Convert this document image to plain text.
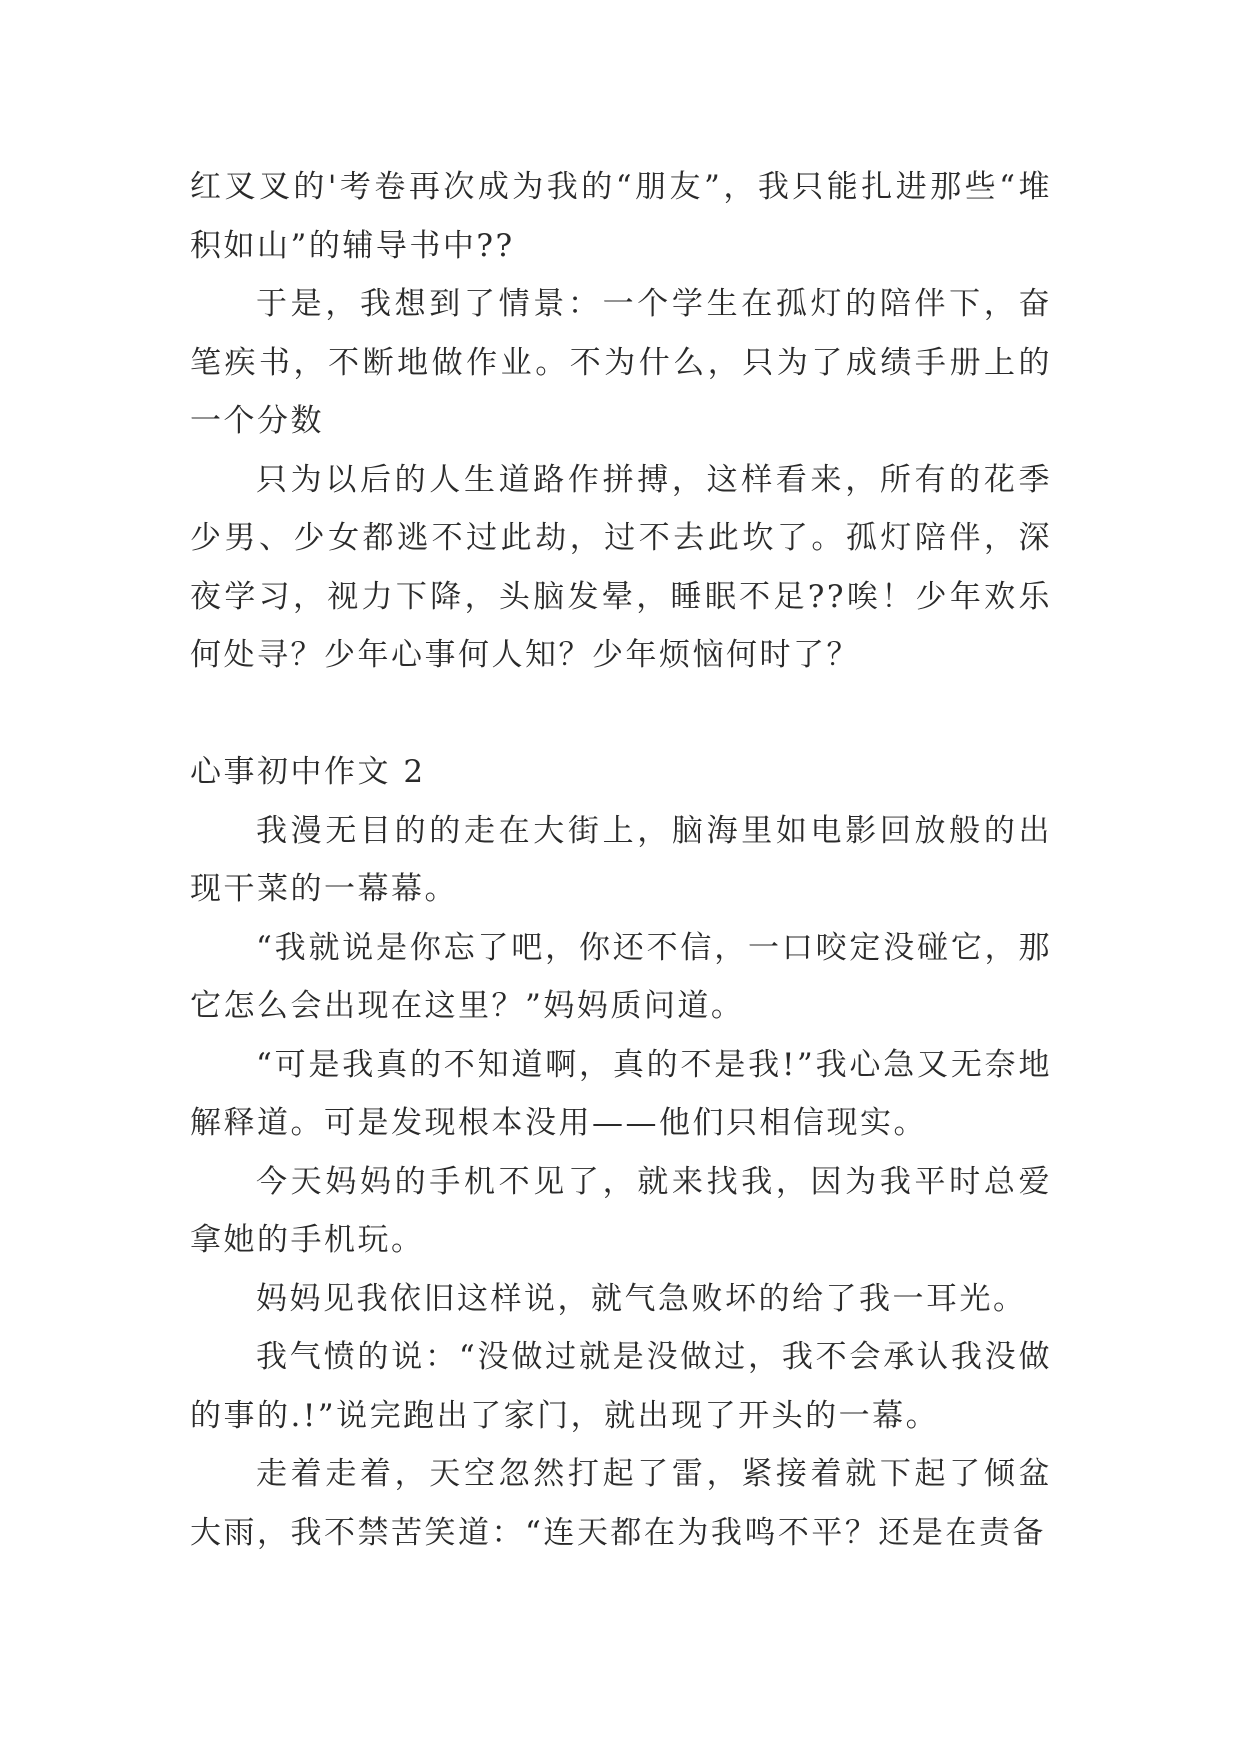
红叉叉的'考卷再次成为我的“朋友”，我只能扎进那些“堆积如山”的辅导书中??

于是，我想到了情景：一个学生在孤灯的陪伴下，奋笔疾书，不断地做作业。不为什么，只为了成绩手册上的一个分数

只为以后的人生道路作拼搏，这样看来，所有的花季少男、少女都逃不过此劫，过不去此坎了。孤灯陪伴，深夜学习，视力下降，头脑发晕，睡眠不足??唉！少年欢乐何处寻？少年心事何人知？少年烦恼何时了？

心事初中作文 2

我漫无目的的走在大街上，脑海里如电影回放般的出现干菜的一幕幕。

“我就说是你忘了吧，你还不信，一口咬定没碰它，那它怎么会出现在这里？”妈妈质问道。

“可是我真的不知道啊，真的不是我!”我心急又无奈地解释道。可是发现根本没用——他们只相信现实。

今天妈妈的手机不见了，就来找我，因为我平时总爱拿她的手机玩。

妈妈见我依旧这样说，就气急败坏的给了我一耳光。

我气愤的说：“没做过就是没做过，我不会承认我没做的事的.!”说完跑出了家门，就出现了开头的一幕。

走着走着，天空忽然打起了雷，紧接着就下起了倾盆大雨，我不禁苦笑道：“连天都在为我鸣不平？还是在责备
